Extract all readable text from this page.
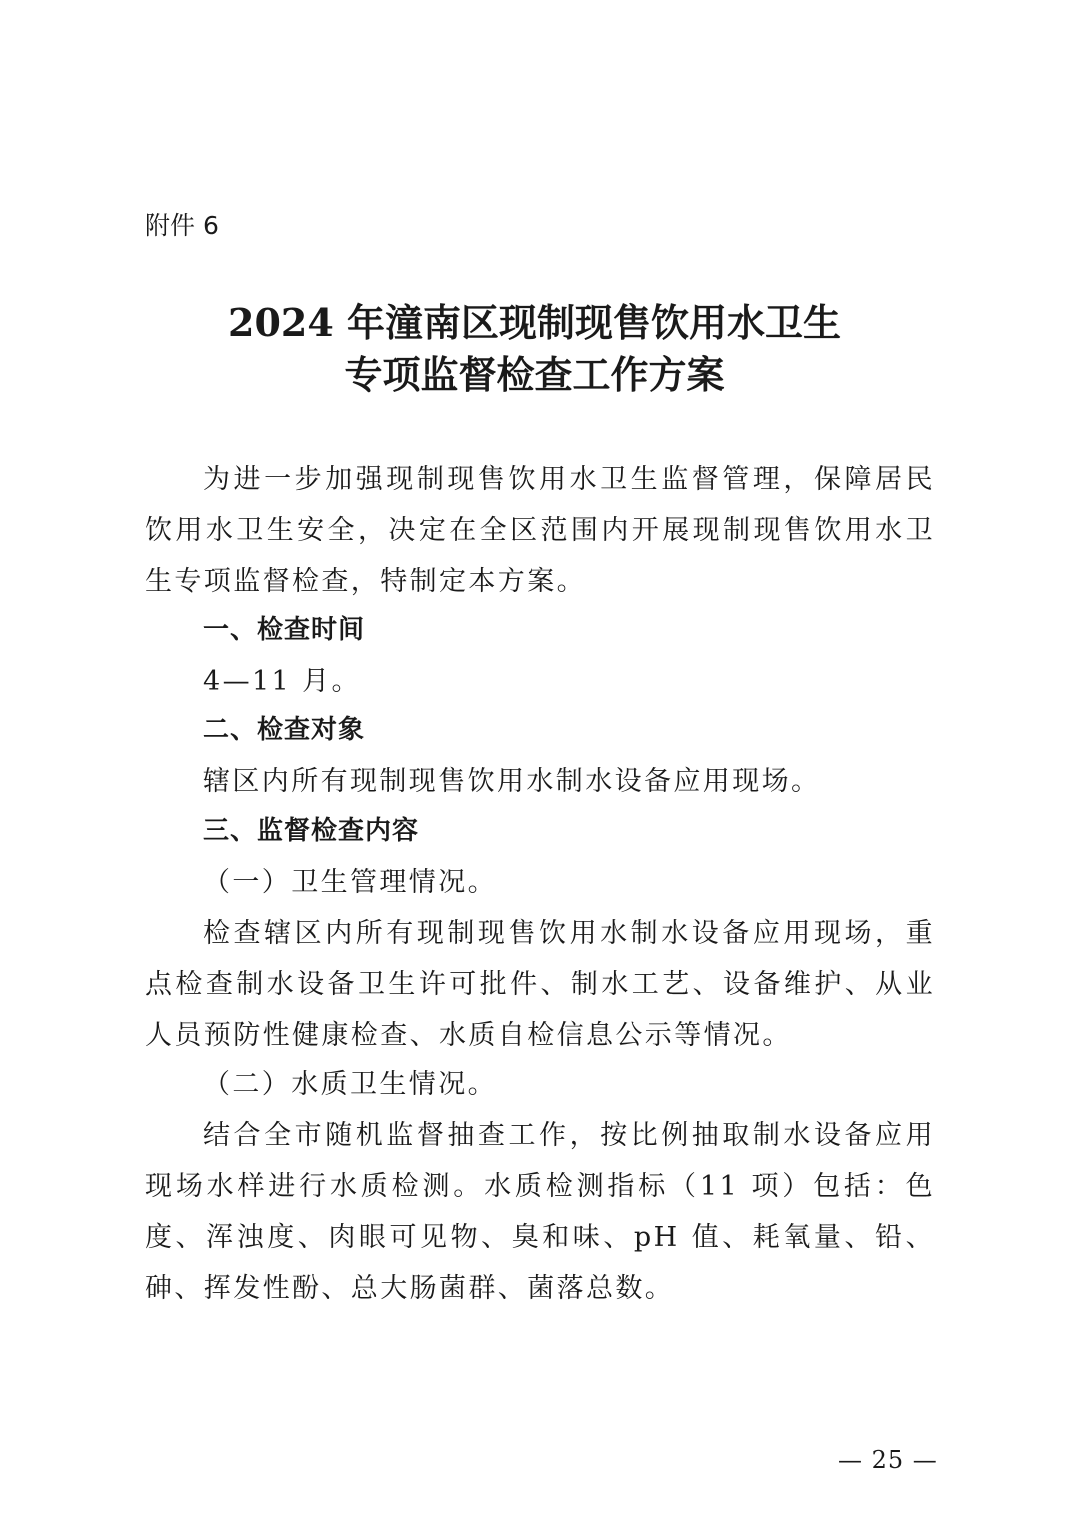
附件 6
2024 年潼南区现制现售饮用水卫生
专项监督检查工作方案
为进一步加强现制现售饮用水卫生监督管理，保障居民饮用水卫生安全，决定在全区范围内开展现制现售饮用水卫生专项监督检查，特制定本方案。
一、检查时间
4—11 月。
二、检查对象
辖区内所有现制现售饮用水制水设备应用现场。
三、监督检查内容
（一）卫生管理情况。
检查辖区内所有现制现售饮用水制水设备应用现场，重点检查制水设备卫生许可批件、制水工艺、设备维护、从业人员预防性健康检查、水质自检信息公示等情况。
（二）水质卫生情况。
结合全市随机监督抽查工作，按比例抽取制水设备应用现场水样进行水质检测。水质检测指标（11 项）包括：色度、浑浊度、肉眼可见物、臭和味、pH 值、耗氧量、铅、砷、挥发性酚、总大肠菌群、菌落总数。
— 25 —
